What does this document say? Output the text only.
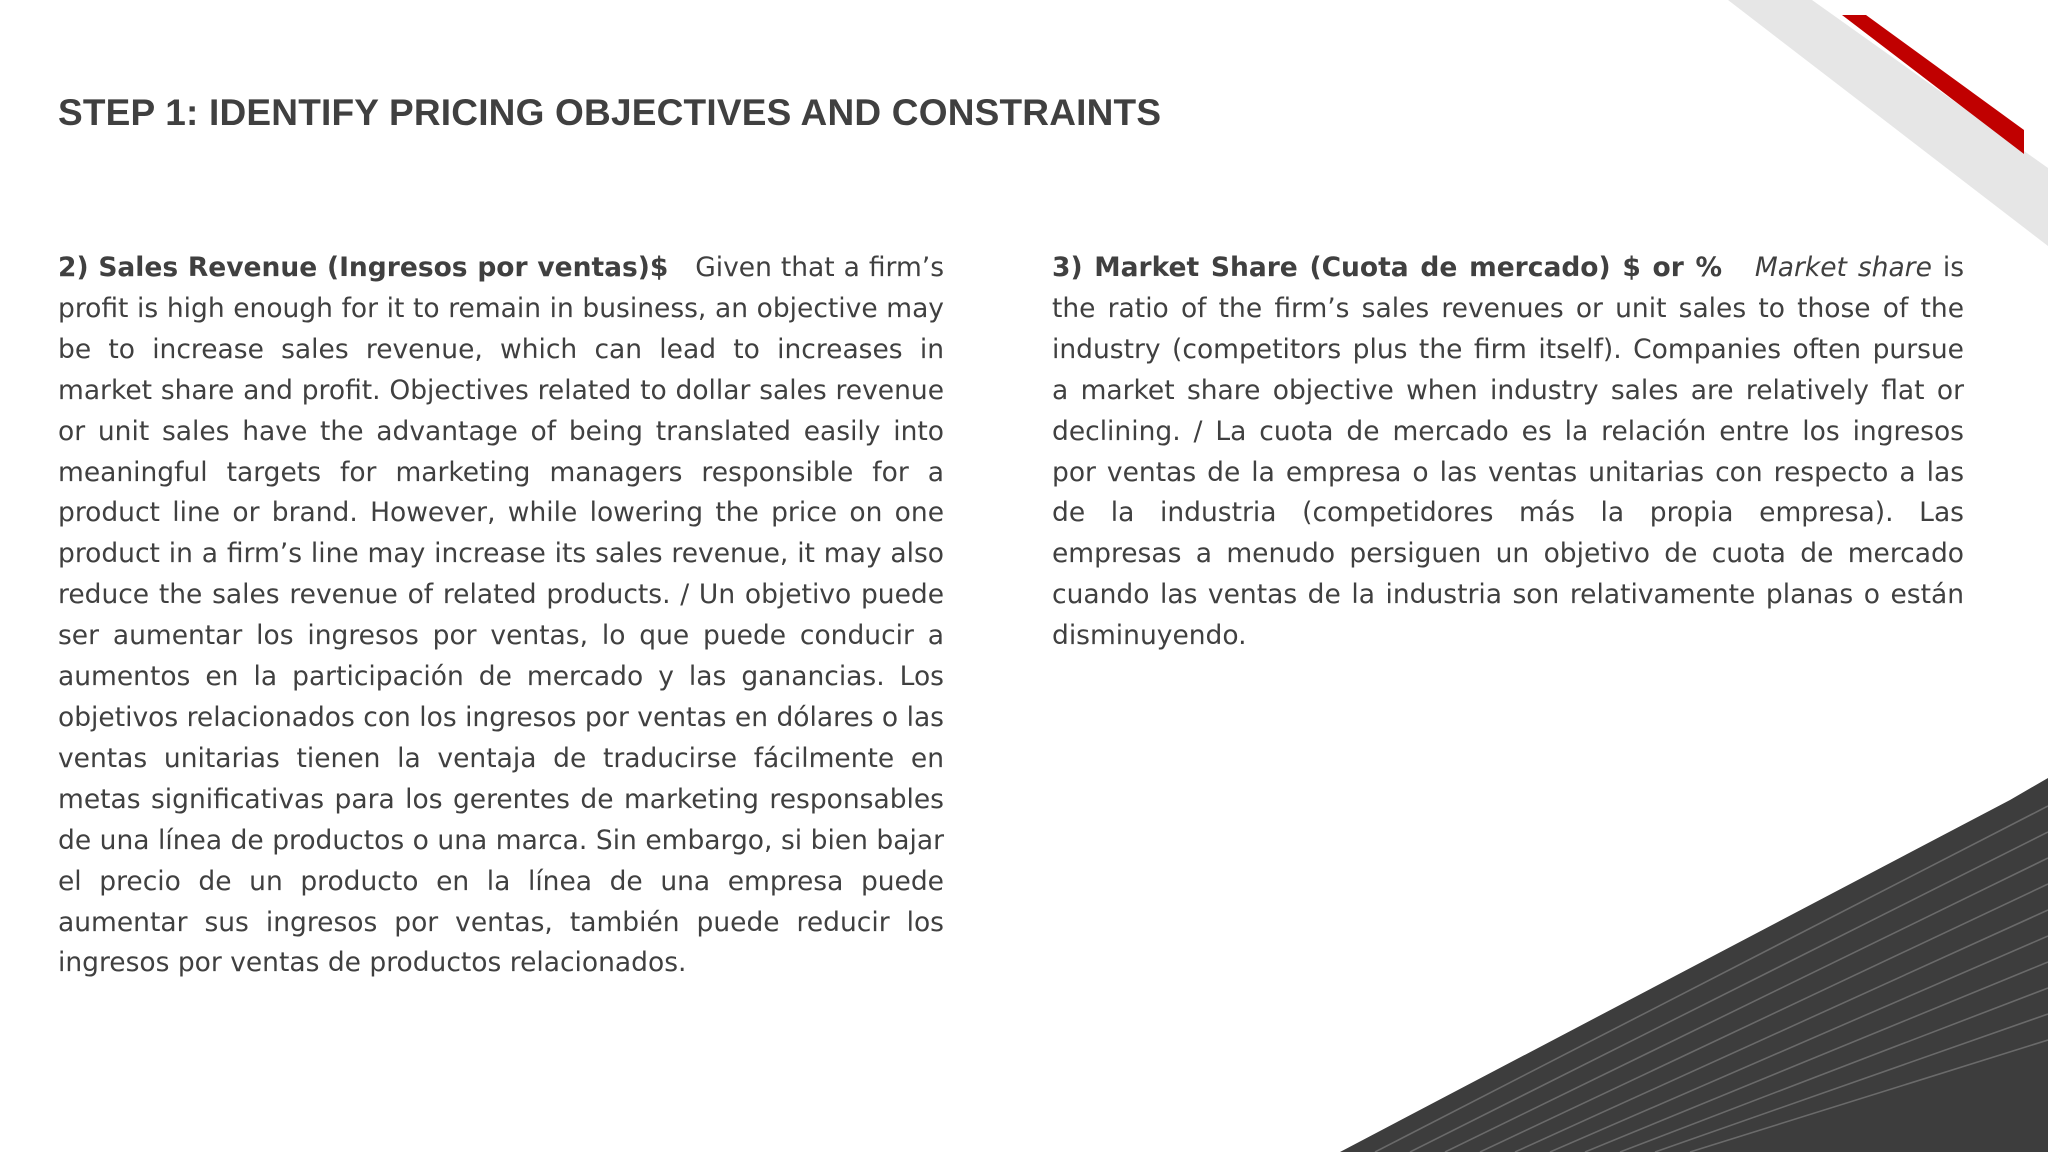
STEP 1: IDENTIFY PRICING OBJECTIVES AND CONSTRAINTS

2) Sales Revenue (Ingresos por ventas)$ Given that a firm’s profit is high enough for it to remain in business, an objective may be to increase sales revenue, which can lead to increases in market share and profit. Objectives related to dollar sales revenue or unit sales have the advantage of being translated easily into meaningful targets for marketing managers responsible for a product line or brand. However, while lowering the price on one product in a firm’s line may increase its sales revenue, it may also reduce the sales revenue of related products. / Un objetivo puede ser aumentar los ingresos por ventas, lo que puede conducir a aumentos en la participación de mercado y las ganancias. Los objetivos relacionados con los ingresos por ventas en dólares o las ventas unitarias tienen la ventaja de traducirse fácilmente en metas significativas para los gerentes de marketing responsables de una línea de productos o una marca. Sin embargo, si bien bajar el precio de un producto en la línea de una empresa puede aumentar sus ingresos por ventas, también puede reducir los ingresos por ventas de productos relacionados.

3) Market Share (Cuota de mercado) $ or % Market share is the ratio of the firm’s sales revenues or unit sales to those of the industry (competitors plus the firm itself). Companies often pursue a market share objective when industry sales are relatively flat or declining. / La cuota de mercado es la relación entre los ingresos por ventas de la empresa o las ventas unitarias con respecto a las de la industria (competidores más la propia empresa). Las empresas a menudo persiguen un objetivo de cuota de mercado cuando las ventas de la industria son relativamente planas o están disminuyendo.
